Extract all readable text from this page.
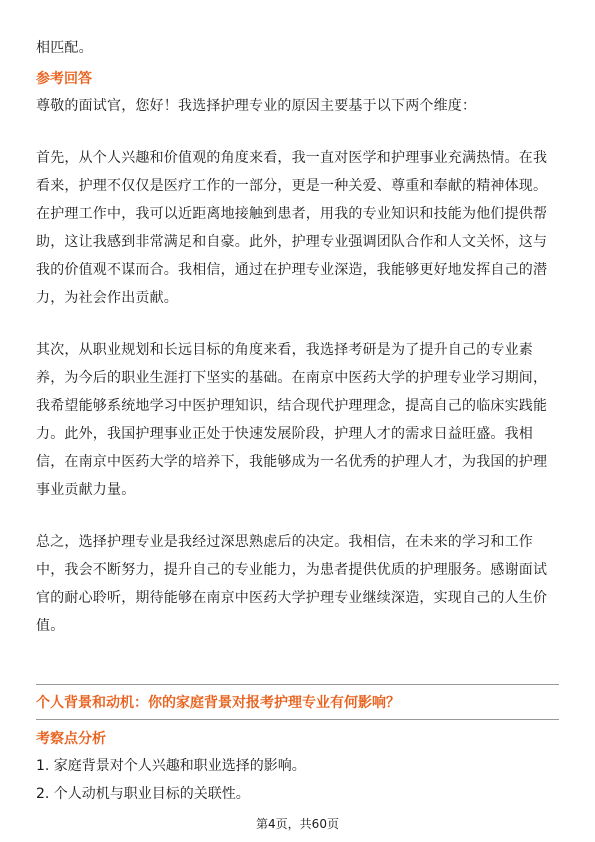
相匹配。

参考回答

尊敬的面试官，您好！我选择护理专业的原因主要基于以下两个维度：

首先，从个人兴趣和价值观的角度来看，我一直对医学和护理事业充满热情。在我

看来，护理不仅仅是医疗工作的一部分，更是一种关爱、尊重和奉献的精神体现。

在护理工作中，我可以近距离地接触到患者，用我的专业知识和技能为他们提供帮

助，这让我感到非常满足和自豪。此外，护理专业强调团队合作和人文关怀，这与

我的价值观不谋而合。我相信，通过在护理专业深造，我能够更好地发挥自己的潜

力，为社会作出贡献。

其次，从职业规划和长远目标的角度来看，我选择考研是为了提升自己的专业素

养，为今后的职业生涯打下坚实的基础。在南京中医药大学的护理专业学习期间，

我希望能够系统地学习中医护理知识，结合现代护理理念，提高自己的临床实践能

力。此外，我国护理事业正处于快速发展阶段，护理人才的需求日益旺盛。我相

信，在南京中医药大学的培养下，我能够成为一名优秀的护理人才，为我国的护理

事业贡献力量。

总之，选择护理专业是我经过深思熟虑后的决定。我相信，在未来的学习和工作

中，我会不断努力，提升自己的专业能力，为患者提供优质的护理服务。感谢面试

官的耐心聆听，期待能够在南京中医药大学护理专业继续深造，实现自己的人生价

值。

个人背景和动机：你的家庭背景对报考护理专业有何影响？

考察点分析

1. 家庭背景对个人兴趣和职业选择的影响。

2. 个人动机与职业目标的关联性。

第4页，共60页
